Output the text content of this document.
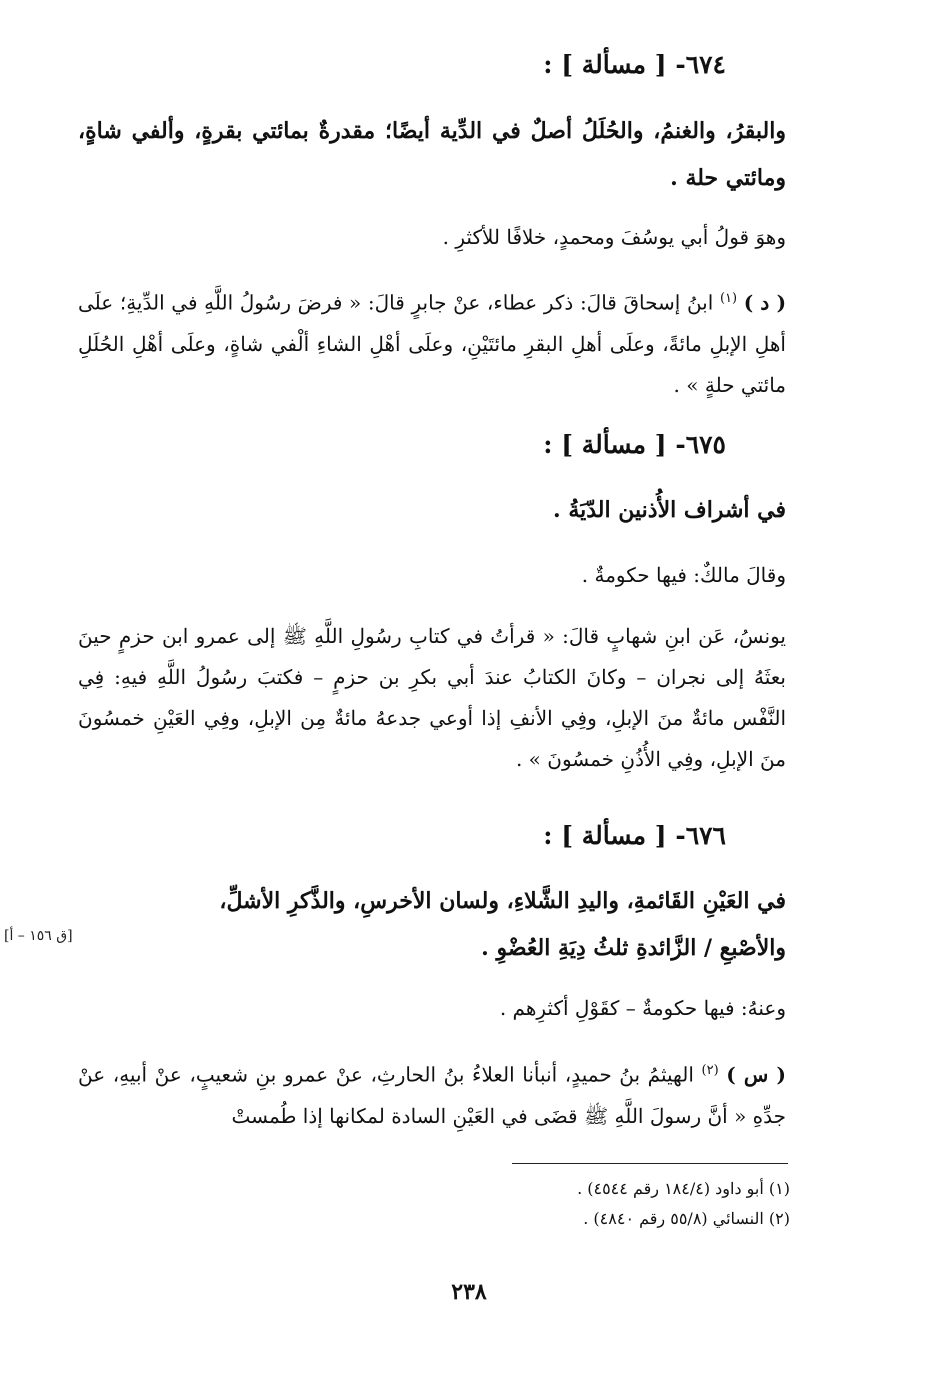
٦٧٤- [ مسألة ] :

والبقرُ، والغنمُ، والحُلَلُ أصلٌ في الدِّية أيضًا؛ مقدرةٌ بمائتي بقرةٍ، وألفي شاةٍ، ومائتي حلة .

وهوَ قولُ أبي يوسُفَ ومحمدٍ، خلافًا للأكثرِ .

( د ) $^{(١)}$ ابنُ إسحاقَ قالَ: ذكر عطاء، عنْ جابرٍ قالَ: « فرضَ رسُولُ اللَّهِ في الدِّيةِ؛ علَى أهلِ الإبلِ مائةً، وعلَى أهلِ البقرِ مائتَيْنِ، وعلَى أهْلِ الشاءِ ألْفي شاةٍ، وعلَى أهْلِ الحُلَلِ مائتي حلةٍ » .

٦٧٥- [ مسألة ] :

في أشراف الأُذنين الدّيَةُ .

وقالَ مالكٌ: فيها حكومةٌ .

يونسُ، عَن ابنِ شهابٍ قالَ: « قرأتُ في كتابِ رسُولِ اللَّهِ ﷺ إلى عمرو ابن حزمٍ حينَ بعثَهُ إلى نجران – وكانَ الكتابُ عندَ أبي بكرِ بن حزمٍ – فكتبَ رسُولُ اللَّهِ فيهِ: فِي النَّفْس مائةٌ منَ الإبلِ، وفِي الأنفِ إذا أوعي جدعهُ مائةٌ مِن الإبلِ، وفِي العَيْنِ خمسُونَ منَ الإبلِ، وفِي الأُذُنِ خمسُونَ » .

٦٧٦- [ مسألة ] :

في العَيْنِ القَائمةِ، واليدِ الشَّلاءِ، ولسان الأخرسِ، والذَّكرِ الأشلِّ،

والأصْبعِ / الزَّائدةِ ثلثُ دِيَةِ العُضْوِ .

[ق ١٥٦ – أ]

وعنهُ: فيها حكومةٌ – كقَوْلِ أكثرِهم .

( س ) $^{(٢)}$ الهيثمُ بنُ حميدٍ، أنبأنا العلاءُ بنُ الحارثِ، عنْ عمرو بنِ شعيبٍ، عنْ أبيهِ، عنْ جدِّهِ « أنَّ رسولَ اللَّهِ ﷺ قضَى في العَيْنِ السادة لمكانها إذا طُمستْ

(١) أبو داود (١٨٤/٤ رقم ٤٥٤٤) .
(٢) النسائي (٥٥/٨ رقم ٤٨٤٠) .
٢٣٨
